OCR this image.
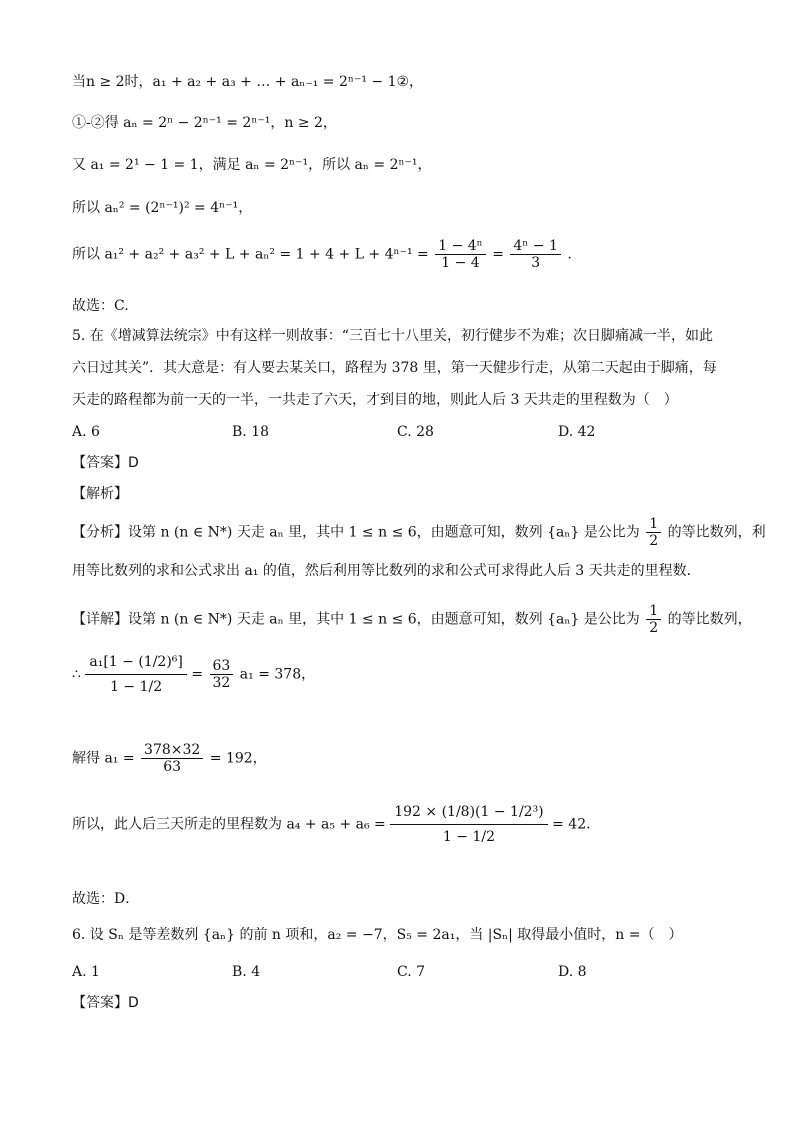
当n ≥ 2时，a₁ + a₂ + a₃ + … + aₙ₋₁ = 2ⁿ⁻¹ − 1②，
①-②得 aₙ = 2ⁿ − 2ⁿ⁻¹ = 2ⁿ⁻¹，n ≥ 2，
又 a₁ = 2¹ − 1 = 1，满足 aₙ = 2ⁿ⁻¹，所以 aₙ = 2ⁿ⁻¹，
所以 aₙ² = (2ⁿ⁻¹)² = 4ⁿ⁻¹，
所以 $a_1^2 + a_2^2 + a_3^2 + L + a_n^2 = 1 + 4 + L + 4^{n-1} = \frac{\text{1 − 4ⁿ}}{1 - 4} = \frac{\text{4ⁿ − 1}}{3}$ .
故选：C.
5. 在《增减算法统宗》中有这样一则故事：“三百七十八里关，初行健步不为难；次日脚痛减一半，如此
六日过其关”．其大意是：有人要去某关口，路程为 378 里，第一天健步行走，从第二天起由于脚痛，每
天走的路程都为前一天的一半，一共走了六天，才到目的地，则此人后 3 天共走的里程数为（　）
A. 6	B. 18	C. 28	D. 42
【答案】D
【解析】
【分析】设第 n (n ∈ N*) 天走 aₙ 里，其中 1 ≤ n ≤ 6，由题意可知，数列 {aₙ} 是公比为 $\frac{1}{2}$ 的等比数列，利
用等比数列的求和公式求出 a₁ 的值，然后利用等比数列的求和公式可求得此人后 3 天共走的里程数．
【详解】设第 n (n ∈ N*) 天走 aₙ 里，其中 1 ≤ n ≤ 6，由题意可知，数列 {aₙ} 是公比为 $\frac{1}{2}$ 的等比数列，
∴ $\frac{\text{a₁[1 − (1/2)⁶]}}{1 - 1/2} = \frac{63}{32} a_1 = 378$，
解得 $a_1 = \frac{378\times 32}{63} = 192$，
所以，此人后三天所走的里程数为 $a_4 + a_5 + a_6 = \frac{\text{192 × (1/8)(1 − 1/2³)}}{1 - 1/2} = 42$．
故选：D．
6. 设 Sₙ 是等差数列 {aₙ} 的前 n 项和，a₂ = −7，S₅ = 2a₁，当 |Sₙ| 取得最小值时，n =（　）
A. 1	B. 4	C. 7	D. 8
【答案】D
